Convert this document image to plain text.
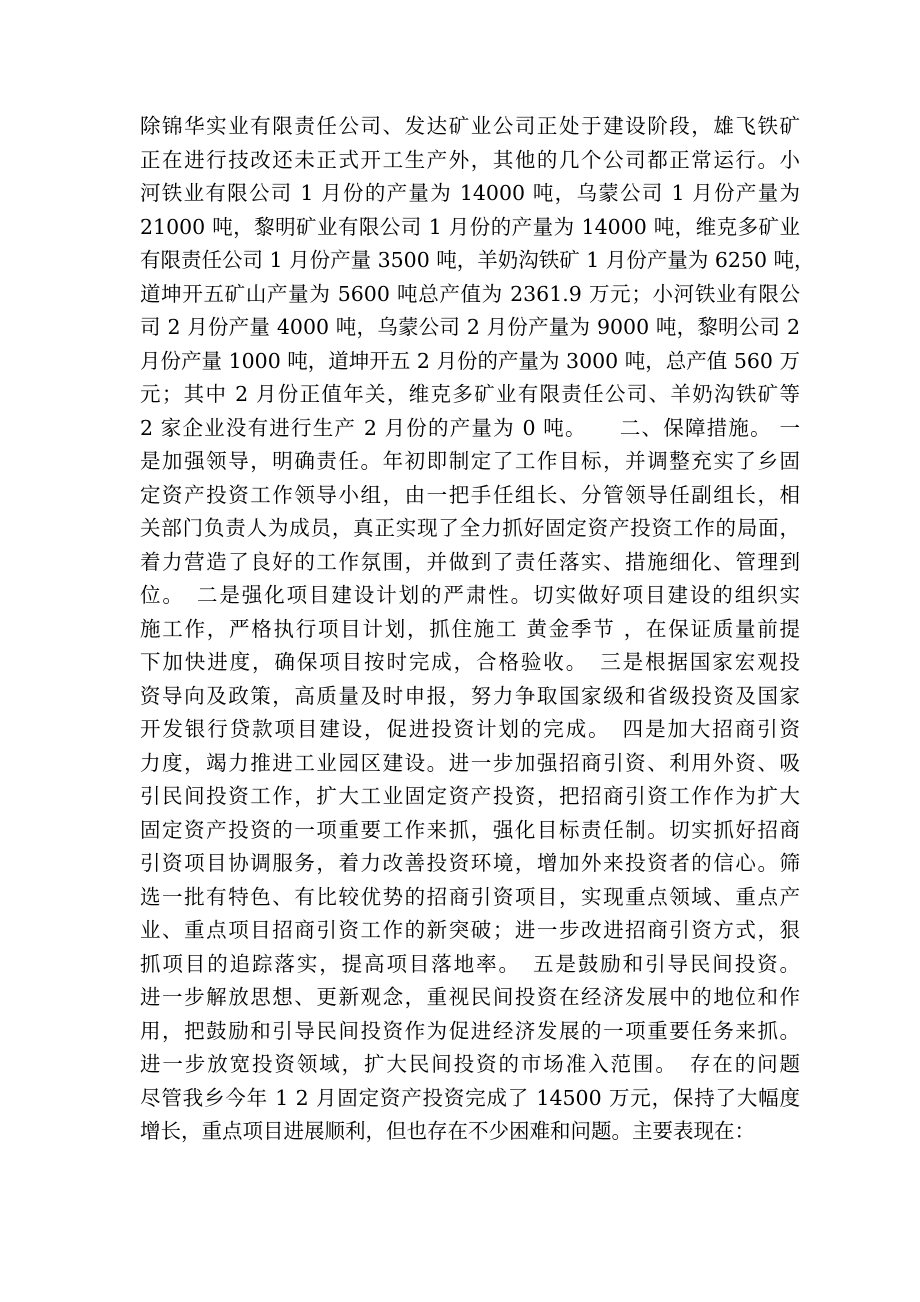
除锦华实业有限责任公司、发达矿业公司正处于建设阶段，雄飞铁矿
正在进行技改还未正式开工生产外，其他的几个公司都正常运行。小
河铁业有限公司 1 月份的产量为 14000 吨，乌蒙公司 1 月份产量为
21000 吨，黎明矿业有限公司 1 月份的产量为 14000 吨，维克多矿业
有限责任公司 1 月份产量 3500 吨，羊奶沟铁矿 1 月份产量为 6250 吨，
道坤开五矿山产量为 5600 吨总产值为 2361.9 万元；小河铁业有限公
司 2 月份产量 4000 吨，乌蒙公司 2 月份产量为 9000 吨，黎明公司 2
月份产量 1000 吨，道坤开五 2 月份的产量为 3000 吨，总产值 560 万
元；其中 2 月份正值年关，维克多矿业有限责任公司、羊奶沟铁矿等
2 家企业没有进行生产 2 月份的产量为 0 吨。　　二、保障措施。 一
是加强领导，明确责任。年初即制定了工作目标，并调整充实了乡固
定资产投资工作领导小组，由一把手任组长、分管领导任副组长，相
关部门负责人为成员，真正实现了全力抓好固定资产投资工作的局面，
着力营造了良好的工作氛围，并做到了责任落实、措施细化、管理到
位。　二是强化项目建设计划的严肃性。切实做好项目建设的组织实
施工作，严格执行项目计划，抓住施工 黄金季节 ，在保证质量前提
下加快进度，确保项目按时完成，合格验收。　三是根据国家宏观投
资导向及政策，高质量及时申报，努力争取国家级和省级投资及国家
开发银行贷款项目建设，促进投资计划的完成。　四是加大招商引资
力度，竭力推进工业园区建设。进一步加强招商引资、利用外资、吸
引民间投资工作，扩大工业固定资产投资，把招商引资工作作为扩大
固定资产投资的一项重要工作来抓，强化目标责任制。切实抓好招商
引资项目协调服务，着力改善投资环境，增加外来投资者的信心。筛
选一批有特色、有比较优势的招商引资项目，实现重点领域、重点产
业、重点项目招商引资工作的新突破；进一步改进招商引资方式，狠
抓项目的追踪落实，提高项目落地率。　五是鼓励和引导民间投资。
进一步解放思想、更新观念，重视民间投资在经济发展中的地位和作
用，把鼓励和引导民间投资作为促进经济发展的一项重要任务来抓。
进一步放宽投资领域，扩大民间投资的市场准入范围。　存在的问题
尽管我乡今年 1 2 月固定资产投资完成了 14500 万元，保持了大幅度
增长，重点项目进展顺利，但也存在不少困难和问题。主要表现在：
